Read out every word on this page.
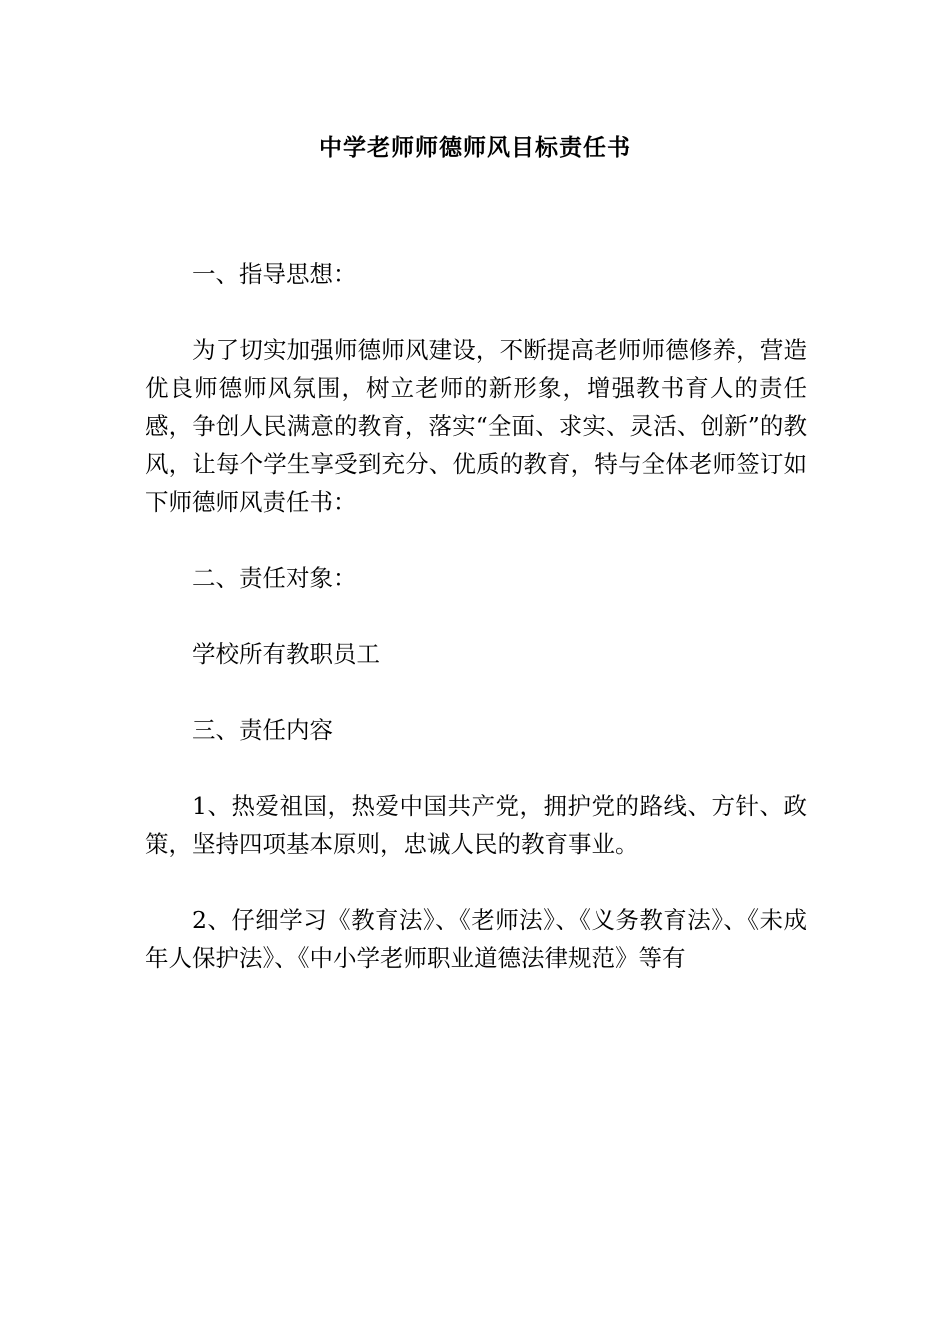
中学老师师德师风目标责任书

一、指导思想：

为了切实加强师德师风建设，不断提高老师师德修养，营造优良师德师风氛围，树立老师的新形象，增强教书育人的责任感，争创人民满意的教育，落实“全面、求实、灵活、创新”的教风，让每个学生享受到充分、优质的教育，特与全体老师签订如下师德师风责任书：

二、责任对象：

学校所有教职员工

三、责任内容

1、热爱祖国，热爱中国共产党，拥护党的路线、方针、政策，坚持四项基本原则，忠诚人民的教育事业。

2、仔细学习《教育法》、《老师法》、《义务教育法》、《未成年人保护法》、《中小学老师职业道德法律规范》等有
